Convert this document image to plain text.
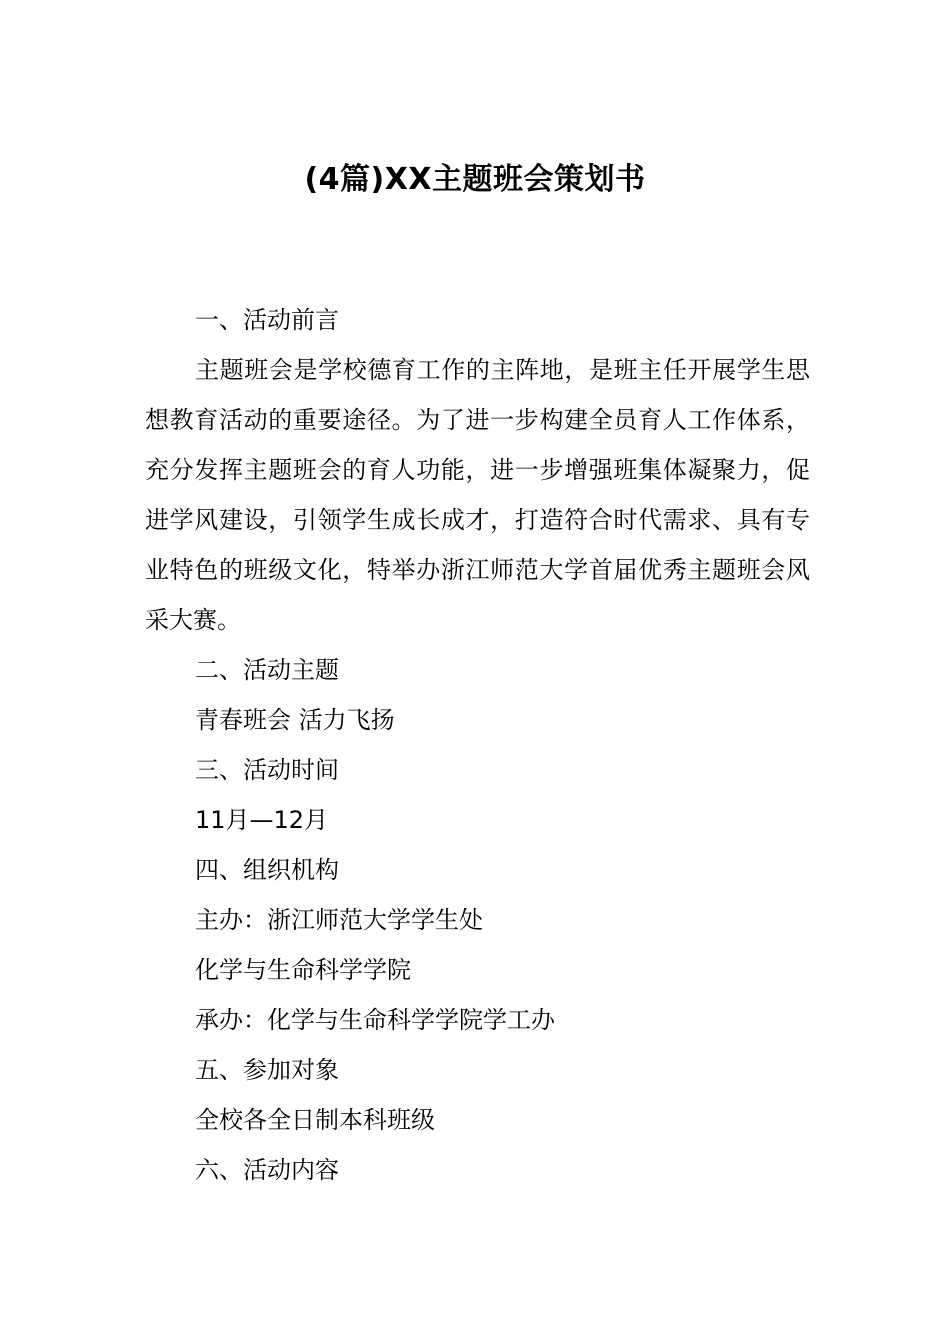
(4篇)XX主题班会策划书

一、活动前言

主题班会是学校德育工作的主阵地，是班主任开展学生思想教育活动的重要途径。为了进一步构建全员育人工作体系，充分发挥主题班会的育人功能，进一步增强班集体凝聚力，促进学风建设，引领学生成长成才，打造符合时代需求、具有专业特色的班级文化，特举办浙江师范大学首届优秀主题班会风采大赛。

二、活动主题

青春班会 活力飞扬

三、活动时间

11月—12月

四、组织机构

主办：浙江师范大学学生处

化学与生命科学学院

承办：化学与生命科学学院学工办

五、参加对象

全校各全日制本科班级

六、活动内容
